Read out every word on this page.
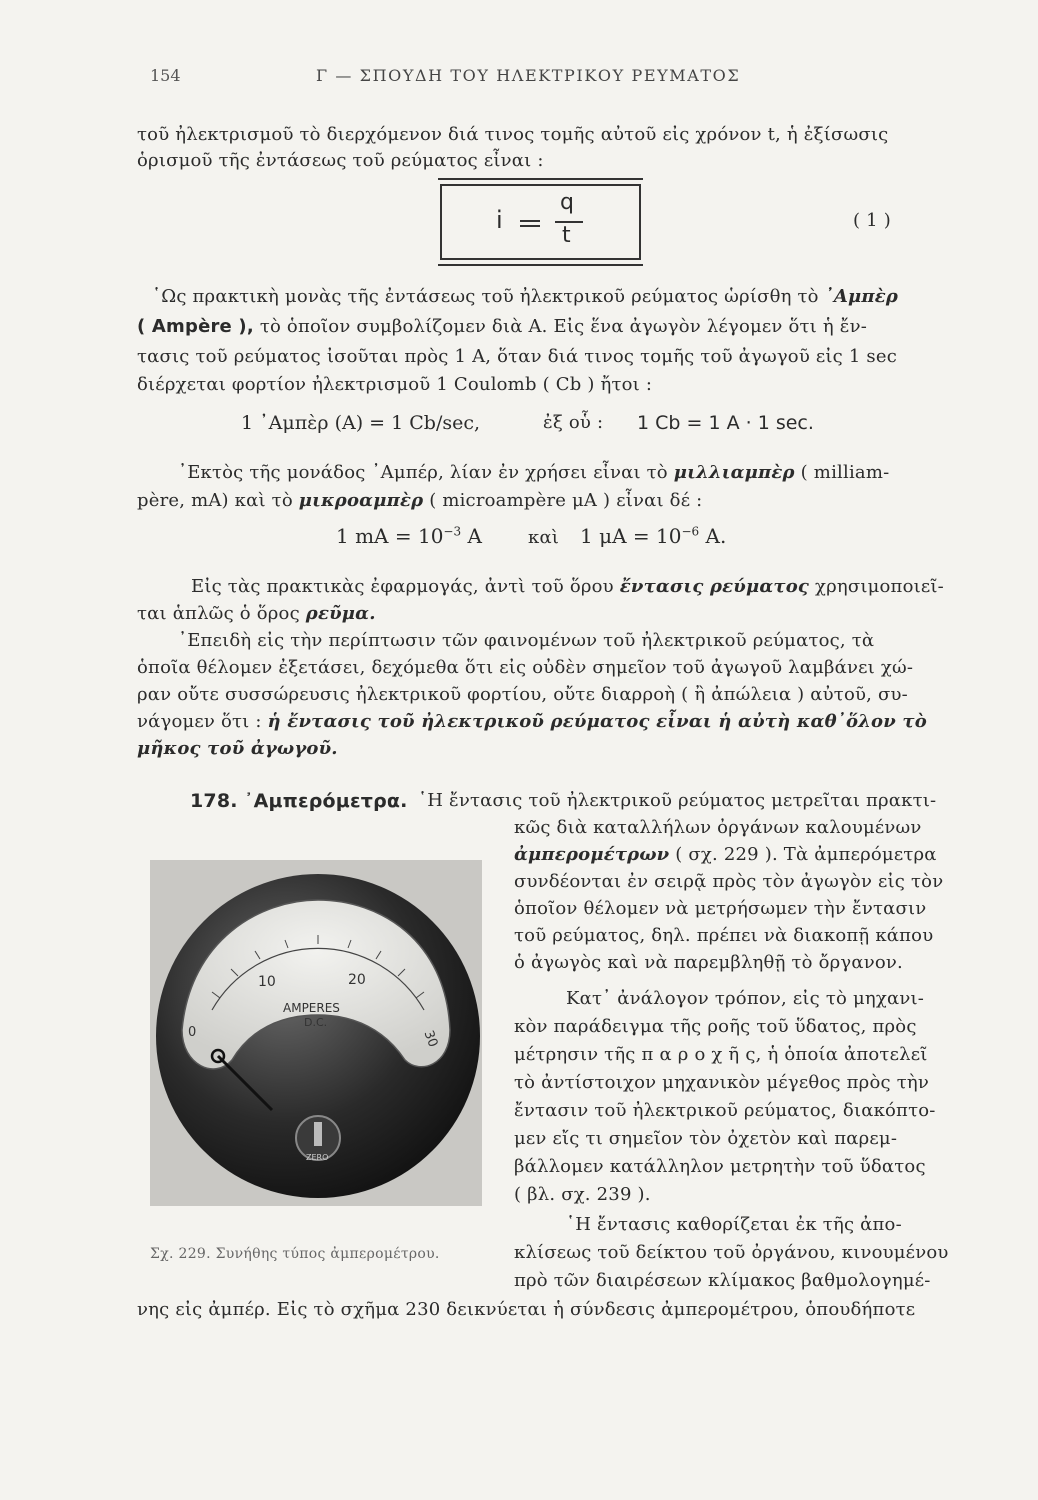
154	Γ — ΣΠΟΥΔΗ ΤΟΥ ΗΛΕΚΤΡΙΚΟΥ ΡΕΥΜΑΤΟΣ
τοῦ ἠλεκτρισμοῦ τὸ διερχόμενον διά τινος τομῆς αὐτοῦ εἰς χρόνον t, ἡ ἐξίσωσις
ὁρισμοῦ τῆς ἐντάσεως τοῦ ρεύματος εἶναι :
i
q
t
( 1 )
῾Ως πρακτικὴ μονὰς τῆς ἐντάσεως τοῦ ἠλεκτρικοῦ ρεύματος ὡρίσθη τὸ ᾿Αμπὲρ
( Ampère ), τὸ ὁποῖον συμβολίζομεν διὰ A. Εἰς ἕνα ἀγωγὸν λέγομεν ὅτι ἡ ἔν-
τασις τοῦ ρεύματος ἰσοῦται πρὸς 1 A, ὅταν διά τινος τομῆς τοῦ ἀγωγοῦ εἰς 1 sec
διέρχεται φορτίον ἠλεκτρισμοῦ 1 Coulomb ( Cb ) ἤτοι :
1 ᾿Αμπὲρ (A) = 1 Cb/sec,	ἐξ οὗ : 1 Cb = 1 A · 1 sec.
᾿Εκτὸς τῆς μονάδος ᾿Αμπέρ, λίαν ἐν χρήσει εἶναι τὸ μιλλιαμπὲρ ( milliam-
père, mA) καὶ τὸ μικροαμπὲρ ( microampère μA ) εἶναι δέ :
1 mA = $10^{-3}$ A	καὶ 1 $\mu A = 10^{-6}$ A.
Εἰς τὰς πρακτικὰς ἐφαρμογάς, ἀντὶ τοῦ ὅρου ἔντασις ρεύματος χρησιμοποιεῖ-
ται ἁπλῶς ὁ ὅρος ρεῦμα.
᾿Επειδὴ εἰς τὴν περίπτωσιν τῶν φαινομένων τοῦ ἠλεκτρικοῦ ρεύματος, τὰ
ὁποῖα θέλομεν ἐξετάσει, δεχόμεθα ὅτι εἰς οὐδὲν σημεῖον τοῦ ἀγωγοῦ λαμβάνει χώ-
ραν οὔτε συσσώρευσις ἠλεκτρικοῦ φορτίου, οὔτε διαρροὴ ( ἢ ἀπώλεια ) αὐτοῦ, συ-
νάγομεν ὅτι : ἡ ἔντασις τοῦ ἠλεκτρικοῦ ρεύματος εἶναι ἡ αὐτὴ καθ᾿ὅλον τὸ
μῆκος τοῦ ἀγωγοῦ.
178. ᾿Αμπερόμετρα. ῾Η ἔντασις τοῦ ἠλεκτρικοῦ ρεύματος μετρεῖται πρακτι-
κῶς διὰ καταλλήλων ὀργάνων καλουμένων
ἀμπερομέτρων ( σχ. 229 ). Τὰ ἀμπερόμετρα
συνδέονται ἐν σειρᾷ πρὸς τὸν ἀγωγὸν εἰς τὸν
ὁποῖον θέλομεν νὰ μετρήσωμεν τὴν ἔντασιν
τοῦ ρεύματος, δηλ. πρέπει νὰ διακοπῇ κάπου
ὁ ἀγωγὸς καὶ νὰ παρεμβληθῇ τὸ ὄργανον.
Κατ᾿ ἀνάλογον τρόπον, εἰς τὸ μηχανι-
κὸν παράδειγμα τῆς ροῆς τοῦ ὕδατος, πρὸς
μέτρησιν τῆς π α ρ ο χ ῆ ς, ἡ ὁποία ἀποτελεῖ
τὸ ἀντίστοιχον μηχανικὸν μέγεθος πρὸς τὴν
ἔντασιν τοῦ ἠλεκτρικοῦ ρεύματος, διακόπτο-
μεν εἴς τι σημεῖον τὸν ὀχετὸν καὶ παρεμ-
βάλλομεν κατάλληλον μετρητὴν τοῦ ὕδατος
( βλ. σχ. 239 ).
῾Η ἔντασις καθορίζεται ἐκ τῆς ἀπο-
κλίσεως τοῦ δείκτου τοῦ ὀργάνου, κινουμένου
πρὸ τῶν διαιρέσεων κλίμακος βαθμολογημέ-
νης εἰς ἀμπέρ. Εἰς τὸ σχῆμα 230 δεικνύεται ἡ σύνδεσις ἀμπερομέτρου, ὁπουδήποτε
0
10	20
30
AMPERES
D.C.
ZERO
Σχ. 229. Συνήθης τύπος ἀμπερομέτρου.
